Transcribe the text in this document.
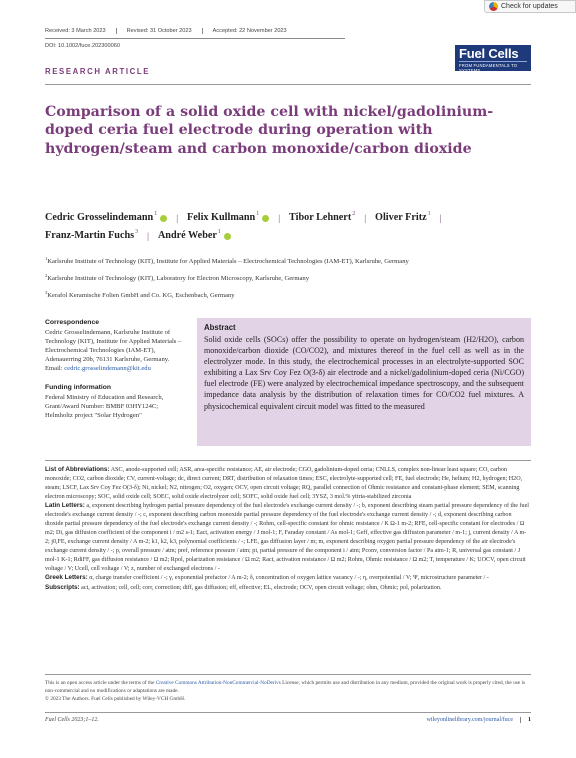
Check for updates
Received: 3 March 2023	Revised: 31 October 2023	Accepted: 22 November 2023
DOI: 10.1002/fuce.202300060	Fuel Cells
FROM FUNDAMENTALS TO SYSTEMS
RESEARCH ARTICLE
Comparison of a solid oxide cell with nickel/gadolinium-doped ceria fuel electrode during operation with hydrogen/steam and carbon monoxide/carbon dioxide
Cedric Grosselindemann$^1$ | Felix Kullmann$^1$ | Tibor Lehnert$^2$ | Oliver Fritz$^1$ |
Franz-Martin Fuchs$^3$ | André Weber$^1$
$^1$Karlsruhe Institute of Technology (KIT), Institute for Applied Materials – Electrochemical Technologies (IAM-ET), Karlsruhe, Germany
$^2$Karlsruhe Institute of Technology (KIT), Laboratory for Electron Microscopy, Karlsruhe, Germany
$^3$Kerafol Keramische Folien GmbH and Co. KG, Eschenbach, Germany
Correspondence
Cedric Grosselindemann, Karlsruhe Institute of Technology (KIT), Institute for Applied Materials – Electrochemical Technologies (IAM-ET), Adenauerring 20b, 76131 Karlsruhe, Germany.
Email: cedric.grosselindemann@kit.edu
Funding information
Federal Ministry of Education and Research, Grant/Award Number: BMBF 03HY124C; Helmholtz project "Solar Hydrogen"
Abstract

Solid oxide cells (SOCs) offer the possibility to operate on hydrogen/steam (H2/H2O), carbon monoxide/carbon dioxide (CO/CO2), and mixtures thereof in the fuel cell as well as in the electrolyzer mode. In this study, the electrochemical processes in an electrolyte-supported SOC exhibiting a Lax Srv Coy Fez O(3-δ) air electrode and a nickel/gadolinium-doped ceria (Ni/CGO) fuel electrode (FE) were analyzed by electrochemical impedance spectroscopy, and the subsequent impedance data analysis by the distribution of relaxation times for CO/CO2 fuel mixtures. A physicochemical equivalent circuit model was fitted to the measured

List of Abbreviations: ASC, anode-supported cell; ASR, area-specific resistance; AE, air electrode; CGO, gadolinium-doped ceria; CNLLS, complex non-linear least square; CO, carbon monoxide; CO2, carbon dioxide; CV, current-voltage; dc, direct current; DRT, distribution of relaxation times; ESC, electrolyte-supported cell; FE, fuel electrode; He, helium; H2, hydrogen; H2O, steam; LSCF, Lax Srv Coy Fez O(3-δ); Ni, nickel; N2, nitrogen; O2, oxygen; OCV, open circuit voltage; RQ, parallel connection of Ohmic resistance and constant-phase element; SEM, scanning electron microscopy; SOC, solid oxide cell; SOEC, solid oxide electrolyzer cell; SOFC, solid oxide fuel cell; 3YSZ, 3 mol.% yttria-stabilized zirconia

Latin Letters: a, exponent describing hydrogen partial pressure dependency of the fuel electrode's exchange current density / -; b, exponent describing steam partial pressure dependency of the fuel electrode's exchange current density / -; c, exponent describing carbon monoxide partial pressure dependency of the fuel electrode's exchange current density / -; d, exponent describing carbon dioxide partial pressure dependency of the fuel electrode's exchange current density / -; Rohm, cell-specific constant for ohmic resistance / K Ω-1 m-2; RFE, cell-specific constant for electrodes / Ω m2; Di, gas diffusion coefficient of the component i / m2 s-1; Eact, activation energy / J mol-1; F, Faraday constant / As mol-1; Geff, effective gas diffusion parameter / m-1; j, current density / A m-2; j0,FE, exchange current density / A m-2; k1, k2, k3, polynomial coefficients / -; LFE, gas diffusion layer / m; m, exponent describing oxygen partial pressure dependency of the air electrode's exchange current density / -; p, overall pressure / atm; pref, reference pressure / atm; pi, partial pressure of the component i / atm; Pconv, conversion factor / Pa atm-1; R, universal gas constant / J mol-1 K-1; RdiFF, gas diffusion resistance / Ω m2; Rpol, polarization resistance / Ω m2; Ract, activation resistance / Ω m2; Rohm, Ohmic resistance / Ω m2; T, temperature / K; UOCV, open circuit voltage / V; Ucell, cell voltage / V; z, number of exchanged electrons / -

Greek Letters: α, charge transfer coefficient / -; γ, exponential prefactor / A m-2; δ, concentration of oxygen lattice vacancy / -; η, overpotential / V; Ψ, microstructure parameter / -

Subscripts: act, activation; cell, cell; corr, correction; diff, gas diffusion; eff, effective; EL, electrode; OCV, open circuit voltage; ohm, Ohmic; pol, polarization.

This is an open access article under the terms of the Creative Commons Attribution-NonCommercial-NoDerivs License, which permits use and distribution in any medium, provided the original work is properly cited, the use is non-commercial and no modifications or adaptations are made.
© 2023 The Authors. Fuel Cells published by Wiley-VCH GmbH.
Fuel Cells 2023;1–12.	wileyonlinelibrary.com/journal/fuce	1
